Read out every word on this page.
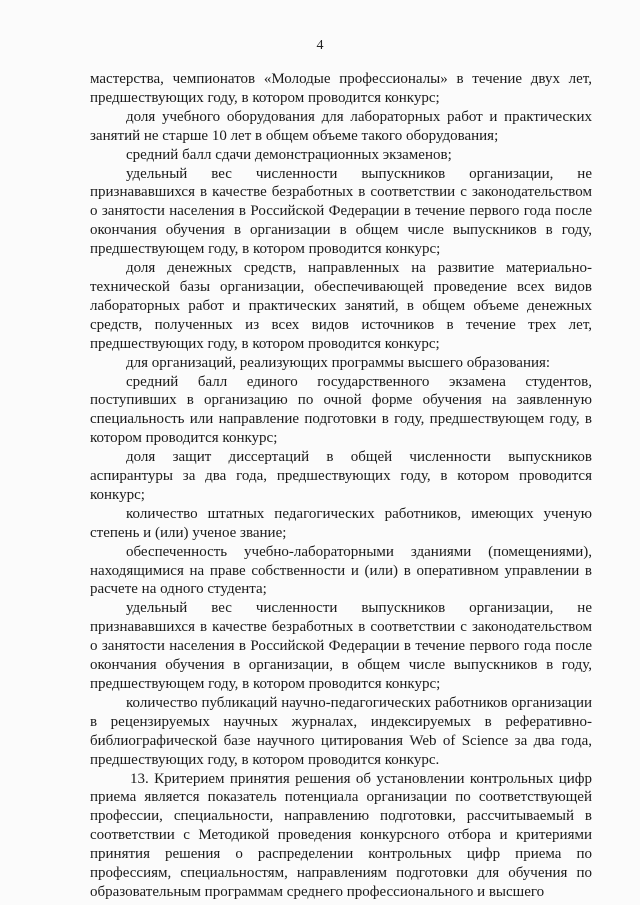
4

мастерства, чемпионатов «Молодые профессионалы» в течение двух лет, предшествующих году, в котором проводится конкурс;

доля учебного оборудования для лабораторных работ и практических занятий не старше 10 лет в общем объеме такого оборудования;

средний балл сдачи демонстрационных экзаменов;

удельный вес численности выпускников организации, не признававшихся в качестве безработных в соответствии с законодательством о занятости населения в Российской Федерации в течение первого года после окончания обучения в организации в общем числе выпускников в году, предшествующем году, в котором проводится конкурс;

доля денежных средств, направленных на развитие материально-технической базы организации, обеспечивающей проведение всех видов лабораторных работ и практических занятий, в общем объеме денежных средств, полученных из всех видов источников в течение трех лет, предшествующих году, в котором проводится конкурс;

для организаций, реализующих программы высшего образования:

средний балл единого государственного экзамена студентов, поступивших в организацию по очной форме обучения на заявленную специальность или направление подготовки в году, предшествующем году, в котором проводится конкурс;

доля защит диссертаций в общей численности выпускников аспирантуры за два года, предшествующих году, в котором проводится конкурс;

количество штатных педагогических работников, имеющих ученую степень и (или) ученое звание;

обеспеченность учебно-лабораторными зданиями (помещениями), находящимися на праве собственности и (или) в оперативном управлении в расчете на одного студента;

удельный вес численности выпускников организации, не признававшихся в качестве безработных в соответствии с законодательством о занятости населения в Российской Федерации в течение первого года после окончания обучения в организации, в общем числе выпускников в году, предшествующем году, в котором проводится конкурс;

количество публикаций научно-педагогических работников организации в рецензируемых научных журналах, индексируемых в реферативно-библиографической базе научного цитирования Web of Science за два года, предшествующих году, в котором проводится конкурс.

13. Критерием принятия решения об установлении контрольных цифр приема является показатель потенциала организации по соответствующей профессии, специальности, направлению подготовки, рассчитываемый в соответствии с Методикой проведения конкурсного отбора и критериями принятия решения о распределении контрольных цифр приема по профессиям, специальностям, направлениям подготовки для обучения по образовательным программам среднего профессионального и высшего
